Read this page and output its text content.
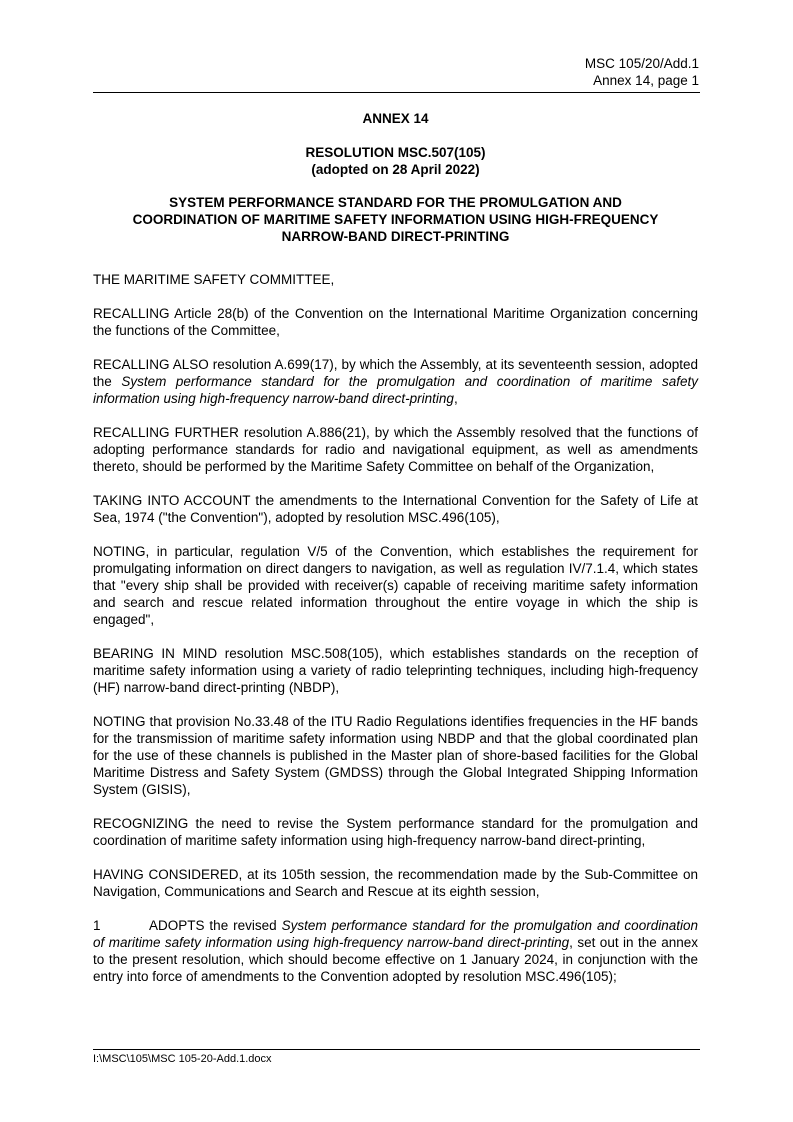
MSC 105/20/Add.1
Annex 14, page 1
ANNEX 14
RESOLUTION MSC.507(105)
(adopted on 28 April 2022)
SYSTEM PERFORMANCE STANDARD FOR THE PROMULGATION AND
COORDINATION OF MARITIME SAFETY INFORMATION USING HIGH-FREQUENCY
NARROW-BAND DIRECT-PRINTING

THE MARITIME SAFETY COMMITTEE,

RECALLING Article 28(b) of the Convention on the International Maritime Organization concerning the functions of the Committee,

RECALLING ALSO resolution A.699(17), by which the Assembly, at its seventeenth session, adopted the System performance standard for the promulgation and coordination of maritime safety information using high-frequency narrow-band direct-printing,

RECALLING FURTHER resolution A.886(21), by which the Assembly resolved that the functions of adopting performance standards for radio and navigational equipment, as well as amendments thereto, should be performed by the Maritime Safety Committee on behalf of the Organization,

TAKING INTO ACCOUNT the amendments to the International Convention for the Safety of Life at Sea, 1974 ("the Convention"), adopted by resolution MSC.496(105),

NOTING, in particular, regulation V/5 of the Convention, which establishes the requirement for promulgating information on direct dangers to navigation, as well as regulation IV/7.1.4, which states that "every ship shall be provided with receiver(s) capable of receiving maritime safety information and search and rescue related information throughout the entire voyage in which the ship is engaged",

BEARING IN MIND resolution MSC.508(105), which establishes standards on the reception of maritime safety information using a variety of radio teleprinting techniques, including high-frequency (HF) narrow-band direct-printing (NBDP),

NOTING that provision No.33.48 of the ITU Radio Regulations identifies frequencies in the HF bands for the transmission of maritime safety information using NBDP and that the global coordinated plan for the use of these channels is published in the Master plan of shore-based facilities for the Global Maritime Distress and Safety System (GMDSS) through the Global Integrated Shipping Information System (GISIS),

RECOGNIZING the need to revise the System performance standard for the promulgation and coordination of maritime safety information using high-frequency narrow-band direct-printing,

HAVING CONSIDERED, at its 105th session, the recommendation made by the Sub-Committee on Navigation, Communications and Search and Rescue at its eighth session,

1	ADOPTS the revised System performance standard for the promulgation and coordination of maritime safety information using high-frequency narrow-band direct-printing, set out in the annex to the present resolution, which should become effective on 1 January 2024, in conjunction with the entry into force of amendments to the Convention adopted by resolution MSC.496(105);

I:\MSC\105\MSC 105-20-Add.1.docx
